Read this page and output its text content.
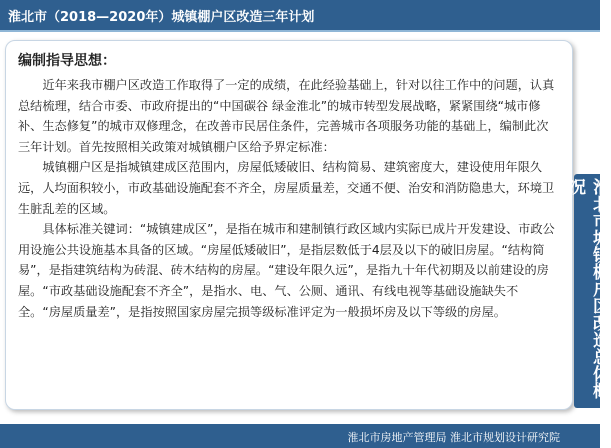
淮北市（2018—2020年）城镇棚户区改造三年计划

编制指导思想：

近年来我市棚户区改造工作取得了一定的成绩，在此经验基础上，针对以往工作中的问题，认真总结梳理，结合市委、市政府提出的“中国碳谷 绿金淮北”的城市转型发展战略，紧紧围绕“城市修补、生态修复”的城市双修理念，在改善市民居住条件，完善城市各项服务功能的基础上，编制此次三年计划。首先按照相关政策对城镇棚户区给予界定标准：

城镇棚户区是指城镇建成区范围内，房屋低矮破旧、结构简易、建筑密度大，建设使用年限久远，人均面积较小，市政基础设施配套不齐全，房屋质量差，交通不便、治安和消防隐患大，环境卫生脏乱差的区域。

具体标准关键词：“城镇建成区”，是指在城市和建制镇行政区域内实际已成片开发建设、市政公用设施公共设施基本具备的区域。“房屋低矮破旧”，是指层数低于4层及以下的破旧房屋。“结构简易”，是指建筑结构为砖混、砖木结构的房屋。“建设年限久远”，是指九十年代初期及以前建设的房屋。“市政基础设施配套不齐全”，是指水、电、气、公厕、通讯、有线电视等基础设施缺失不全。“房屋质量差”，是指按照国家房屋完损等级标准评定为一般损坏房及以下等级的房屋。	淮北市城镇棚户区改造总体概况
淮北市房地产管理局 淮北市规划设计研究院
